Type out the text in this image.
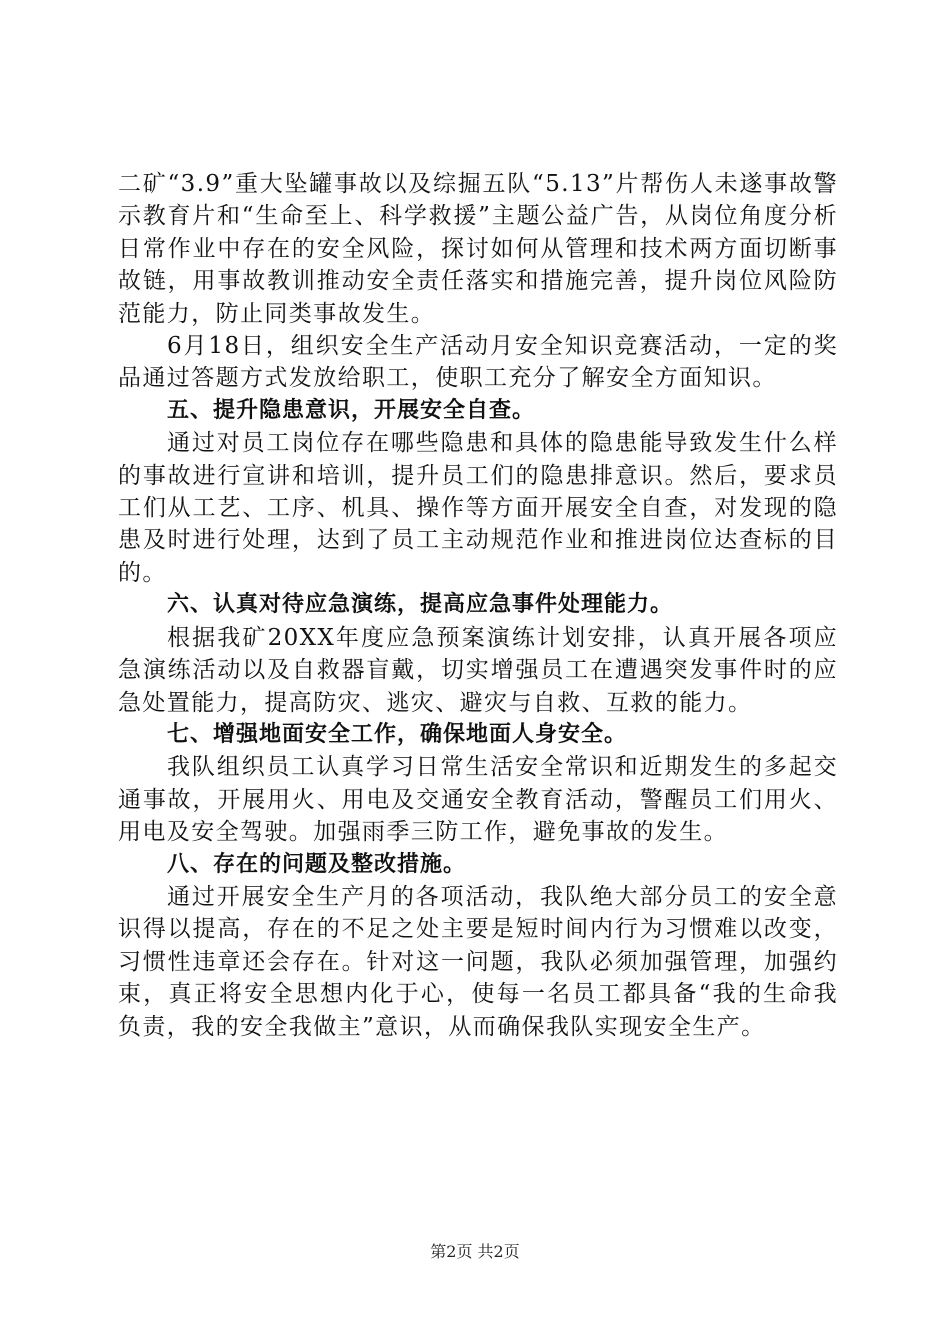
二矿“3.9”重大坠罐事故以及综掘五队“5.13”片帮伤人未遂事故警示教育片和“生命至上、科学救援”主题公益广告，从岗位角度分析日常作业中存在的安全风险，探讨如何从管理和技术两方面切断事故链，用事故教训推动安全责任落实和措施完善，提升岗位风险防范能力，防止同类事故发生。

6月18日，组织安全生产活动月安全知识竞赛活动，一定的奖品通过答题方式发放给职工，使职工充分了解安全方面知识。

五、提升隐患意识，开展安全自查。

通过对员工岗位存在哪些隐患和具体的隐患能导致发生什么样的事故进行宣讲和培训，提升员工们的隐患排意识。然后，要求员工们从工艺、工序、机具、操作等方面开展安全自查，对发现的隐患及时进行处理，达到了员工主动规范作业和推进岗位达查标的目的。

六、认真对待应急演练，提高应急事件处理能力。

根据我矿20XX年度应急预案演练计划安排，认真开展各项应急演练活动以及自救器盲戴，切实增强员工在遭遇突发事件时的应急处置能力，提高防灾、逃灾、避灾与自救、互救的能力。

七、增强地面安全工作，确保地面人身安全。

我队组织员工认真学习日常生活安全常识和近期发生的多起交通事故，开展用火、用电及交通安全教育活动，警醒员工们用火、用电及安全驾驶。加强雨季三防工作，避免事故的发生。

八、存在的问题及整改措施。

通过开展安全生产月的各项活动，我队绝大部分员工的安全意识得以提高，存在的不足之处主要是短时间内行为习惯难以改变，习惯性违章还会存在。针对这一问题，我队必须加强管理，加强约束，真正将安全思想内化于心，使每一名员工都具备“我的生命我负责，我的安全我做主”意识，从而确保我队实现安全生产。

第2页 共2页
